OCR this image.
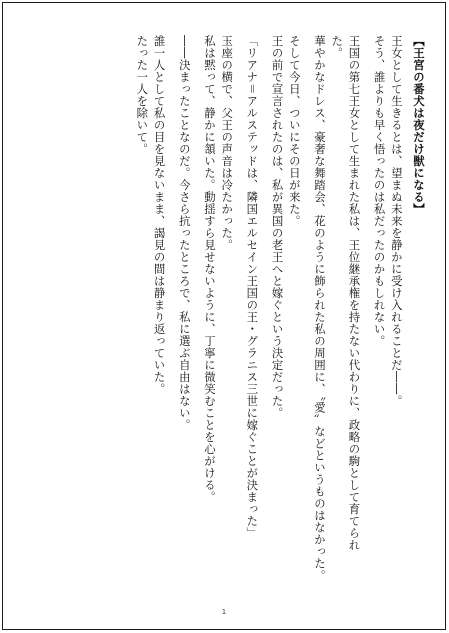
【王宮の番犬は夜だけ獣になる】
王女として生きるとは、望まぬ未来を静かに受け入れることだ――。
そう、誰よりも早く悟ったのは私だったのかもしれない。
王国の第七王女として生まれた私は、王位継承権を持たない代わりに、政略の駒として育てられ
た。
華やかなドレス、豪奢な舞踏会、花のように飾られた私の周囲に、〝愛〟などというものはなかった。
そして今日、ついにその日が来た。
王の前で宣言されたのは、私が異国の老王へと嫁ぐという決定だった。
「リアナ＝アルステッドは、隣国エルセイン王国の王・グラニス三世に嫁ぐことが決まった」
玉座の横で、父王の声音は冷たかった。
私は黙って、静かに頷いた。動揺すら見せないように、丁寧に微笑むことを心がける。
――決まったことなのだ。今さら抗ったところで、私に選ぶ自由はない。
誰一人として私の目を見ないまま、謁見の間は静まり返っていた。
たった一人を除いて。
1
